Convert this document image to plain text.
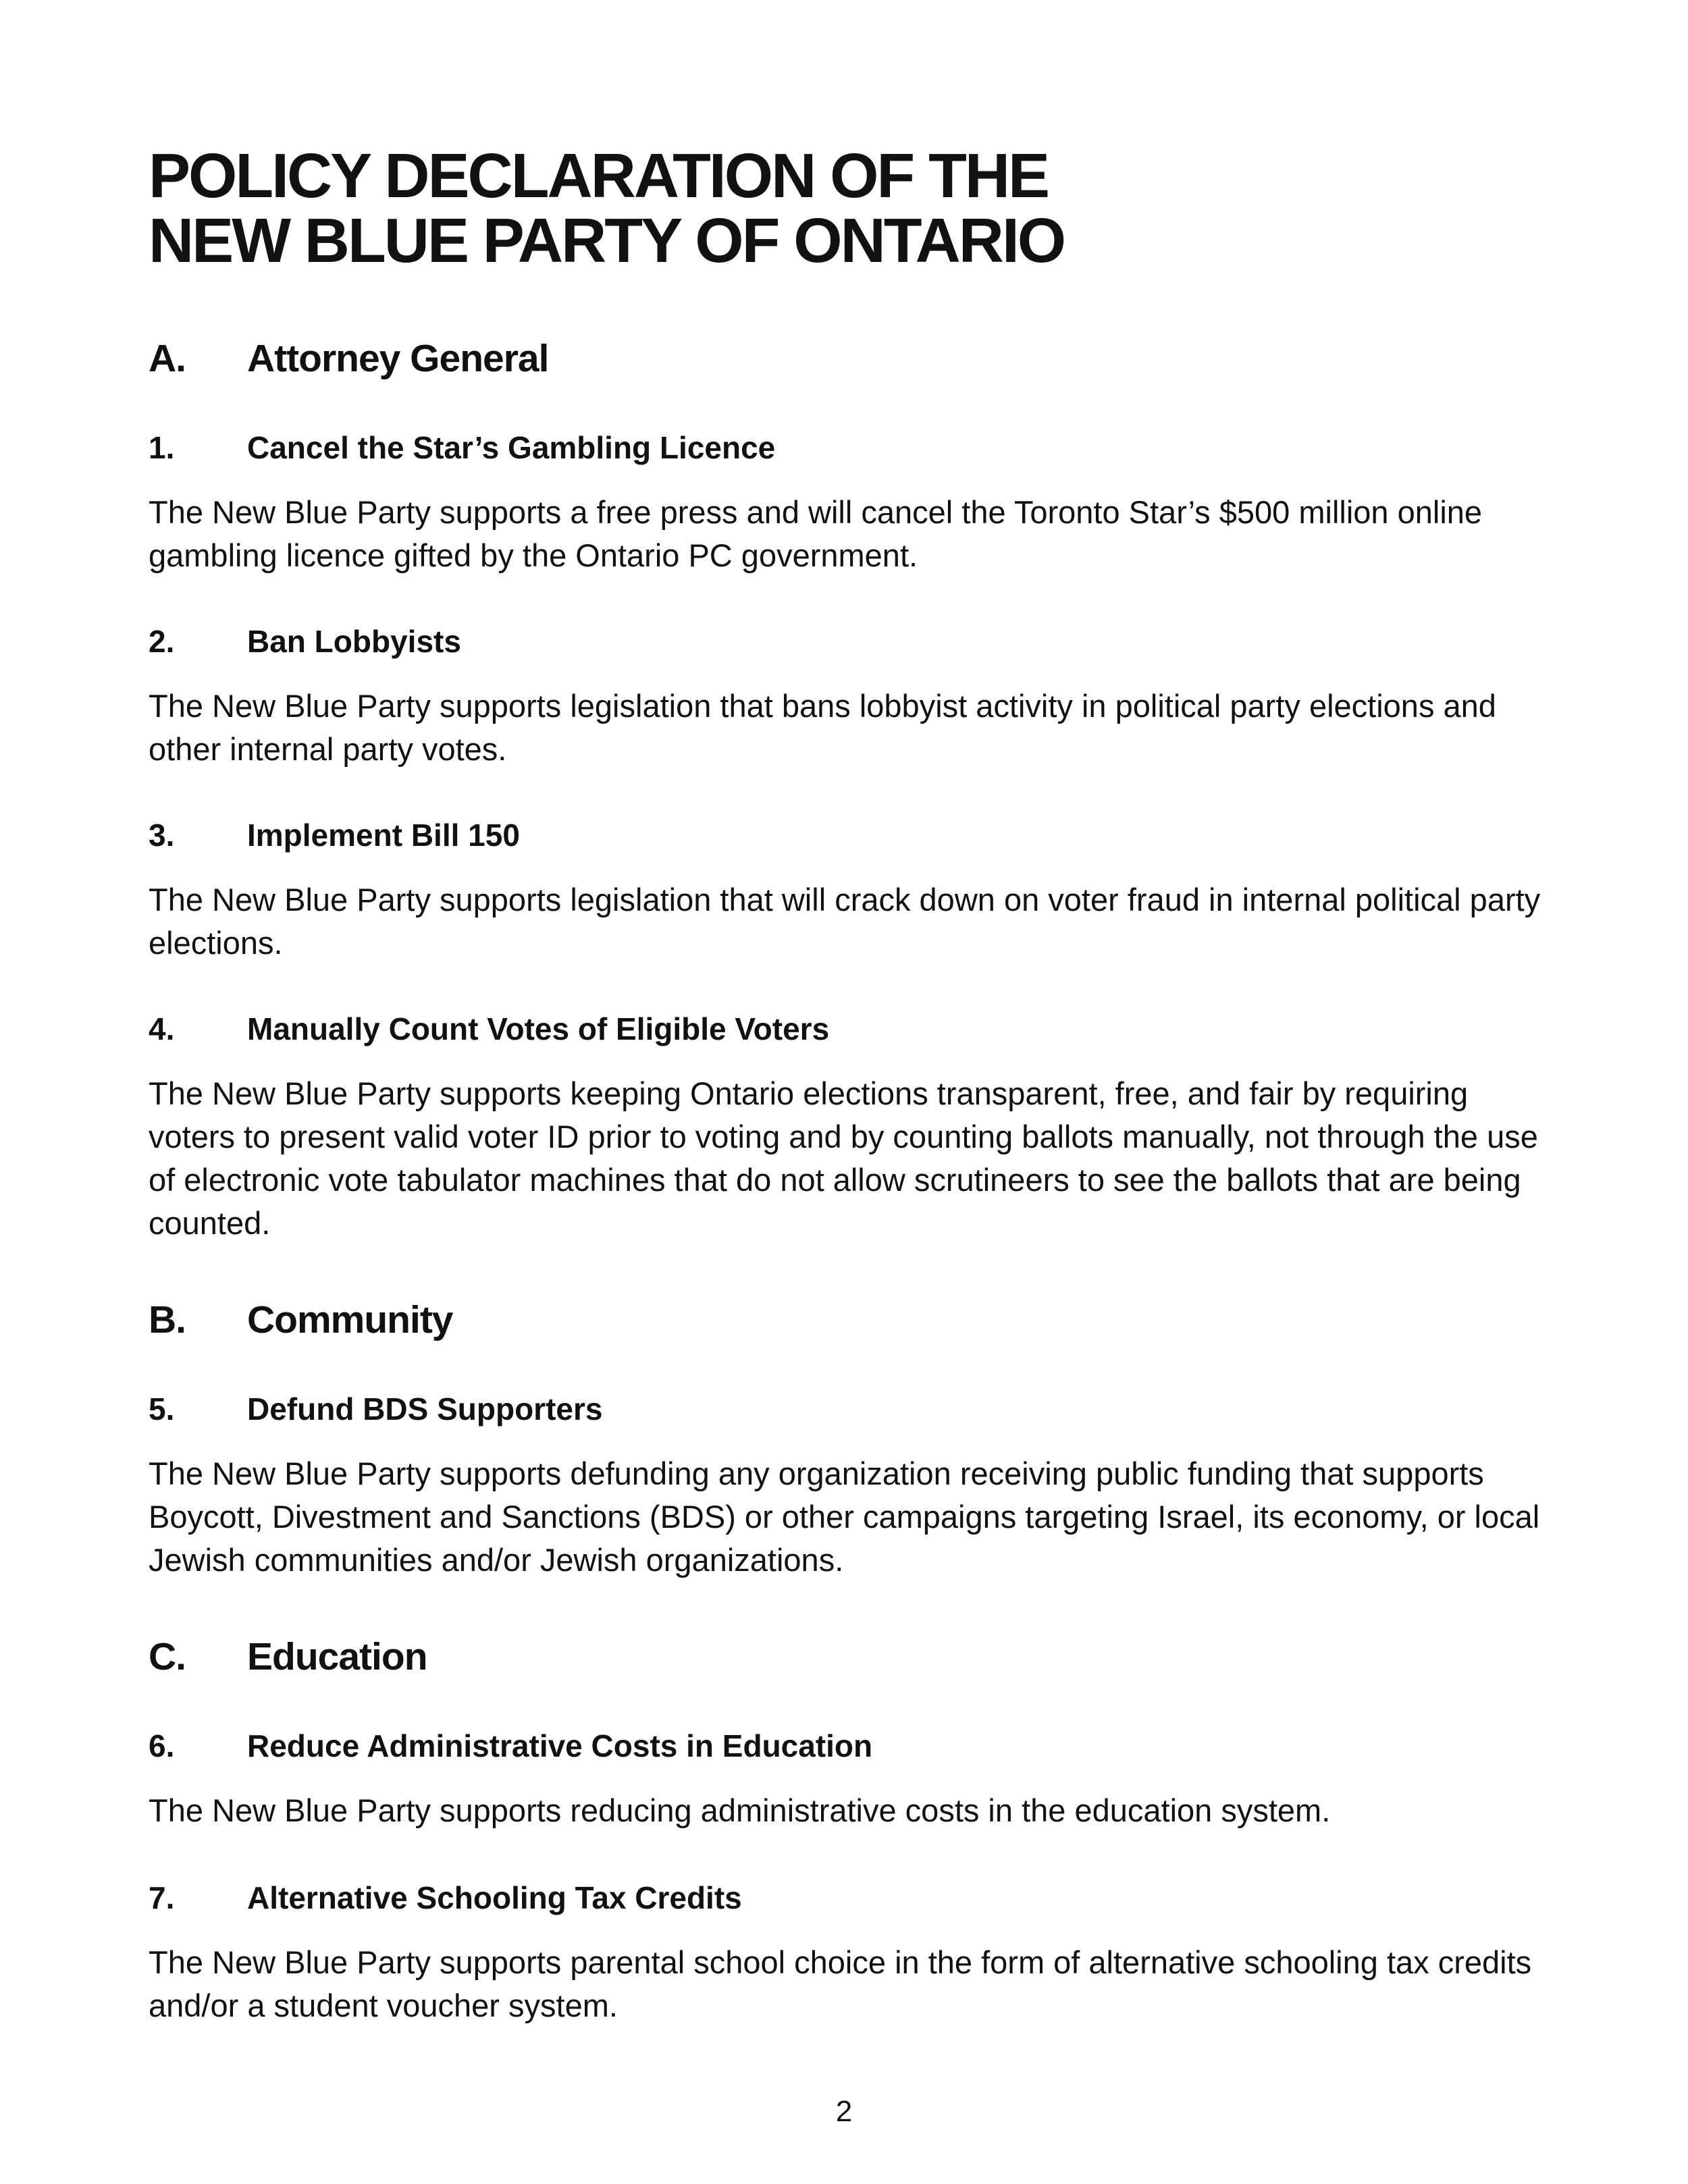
POLICY DECLARATION OF THE
NEW BLUE PARTY OF ONTARIO
A. Attorney General
1. Cancel the Star’s Gambling Licence

The New Blue Party supports a free press and will cancel the Toronto Star’s $500 million online gambling licence gifted by the Ontario PC government.

2. Ban Lobbyists

The New Blue Party supports legislation that bans lobbyist activity in political party elections and other internal party votes.

3. Implement Bill 150

The New Blue Party supports legislation that will crack down on voter fraud in internal political party elections.

4. Manually Count Votes of Eligible Voters

The New Blue Party supports keeping Ontario elections transparent, free, and fair by requiring voters to present valid voter ID prior to voting and by counting ballots manually, not through the use of electronic vote tabulator machines that do not allow scrutineers to see the ballots that are being counted.

B. Community
5. Defund BDS Supporters

The New Blue Party supports defunding any organization receiving public funding that supports Boycott, Divestment and Sanctions (BDS) or other campaigns targeting Israel, its economy, or local Jewish communities and/or Jewish organizations.

C. Education
6. Reduce Administrative Costs in Education

The New Blue Party supports reducing administrative costs in the education system.

7. Alternative Schooling Tax Credits

The New Blue Party supports parental school choice in the form of alternative schooling tax credits and/or a student voucher system.

2
